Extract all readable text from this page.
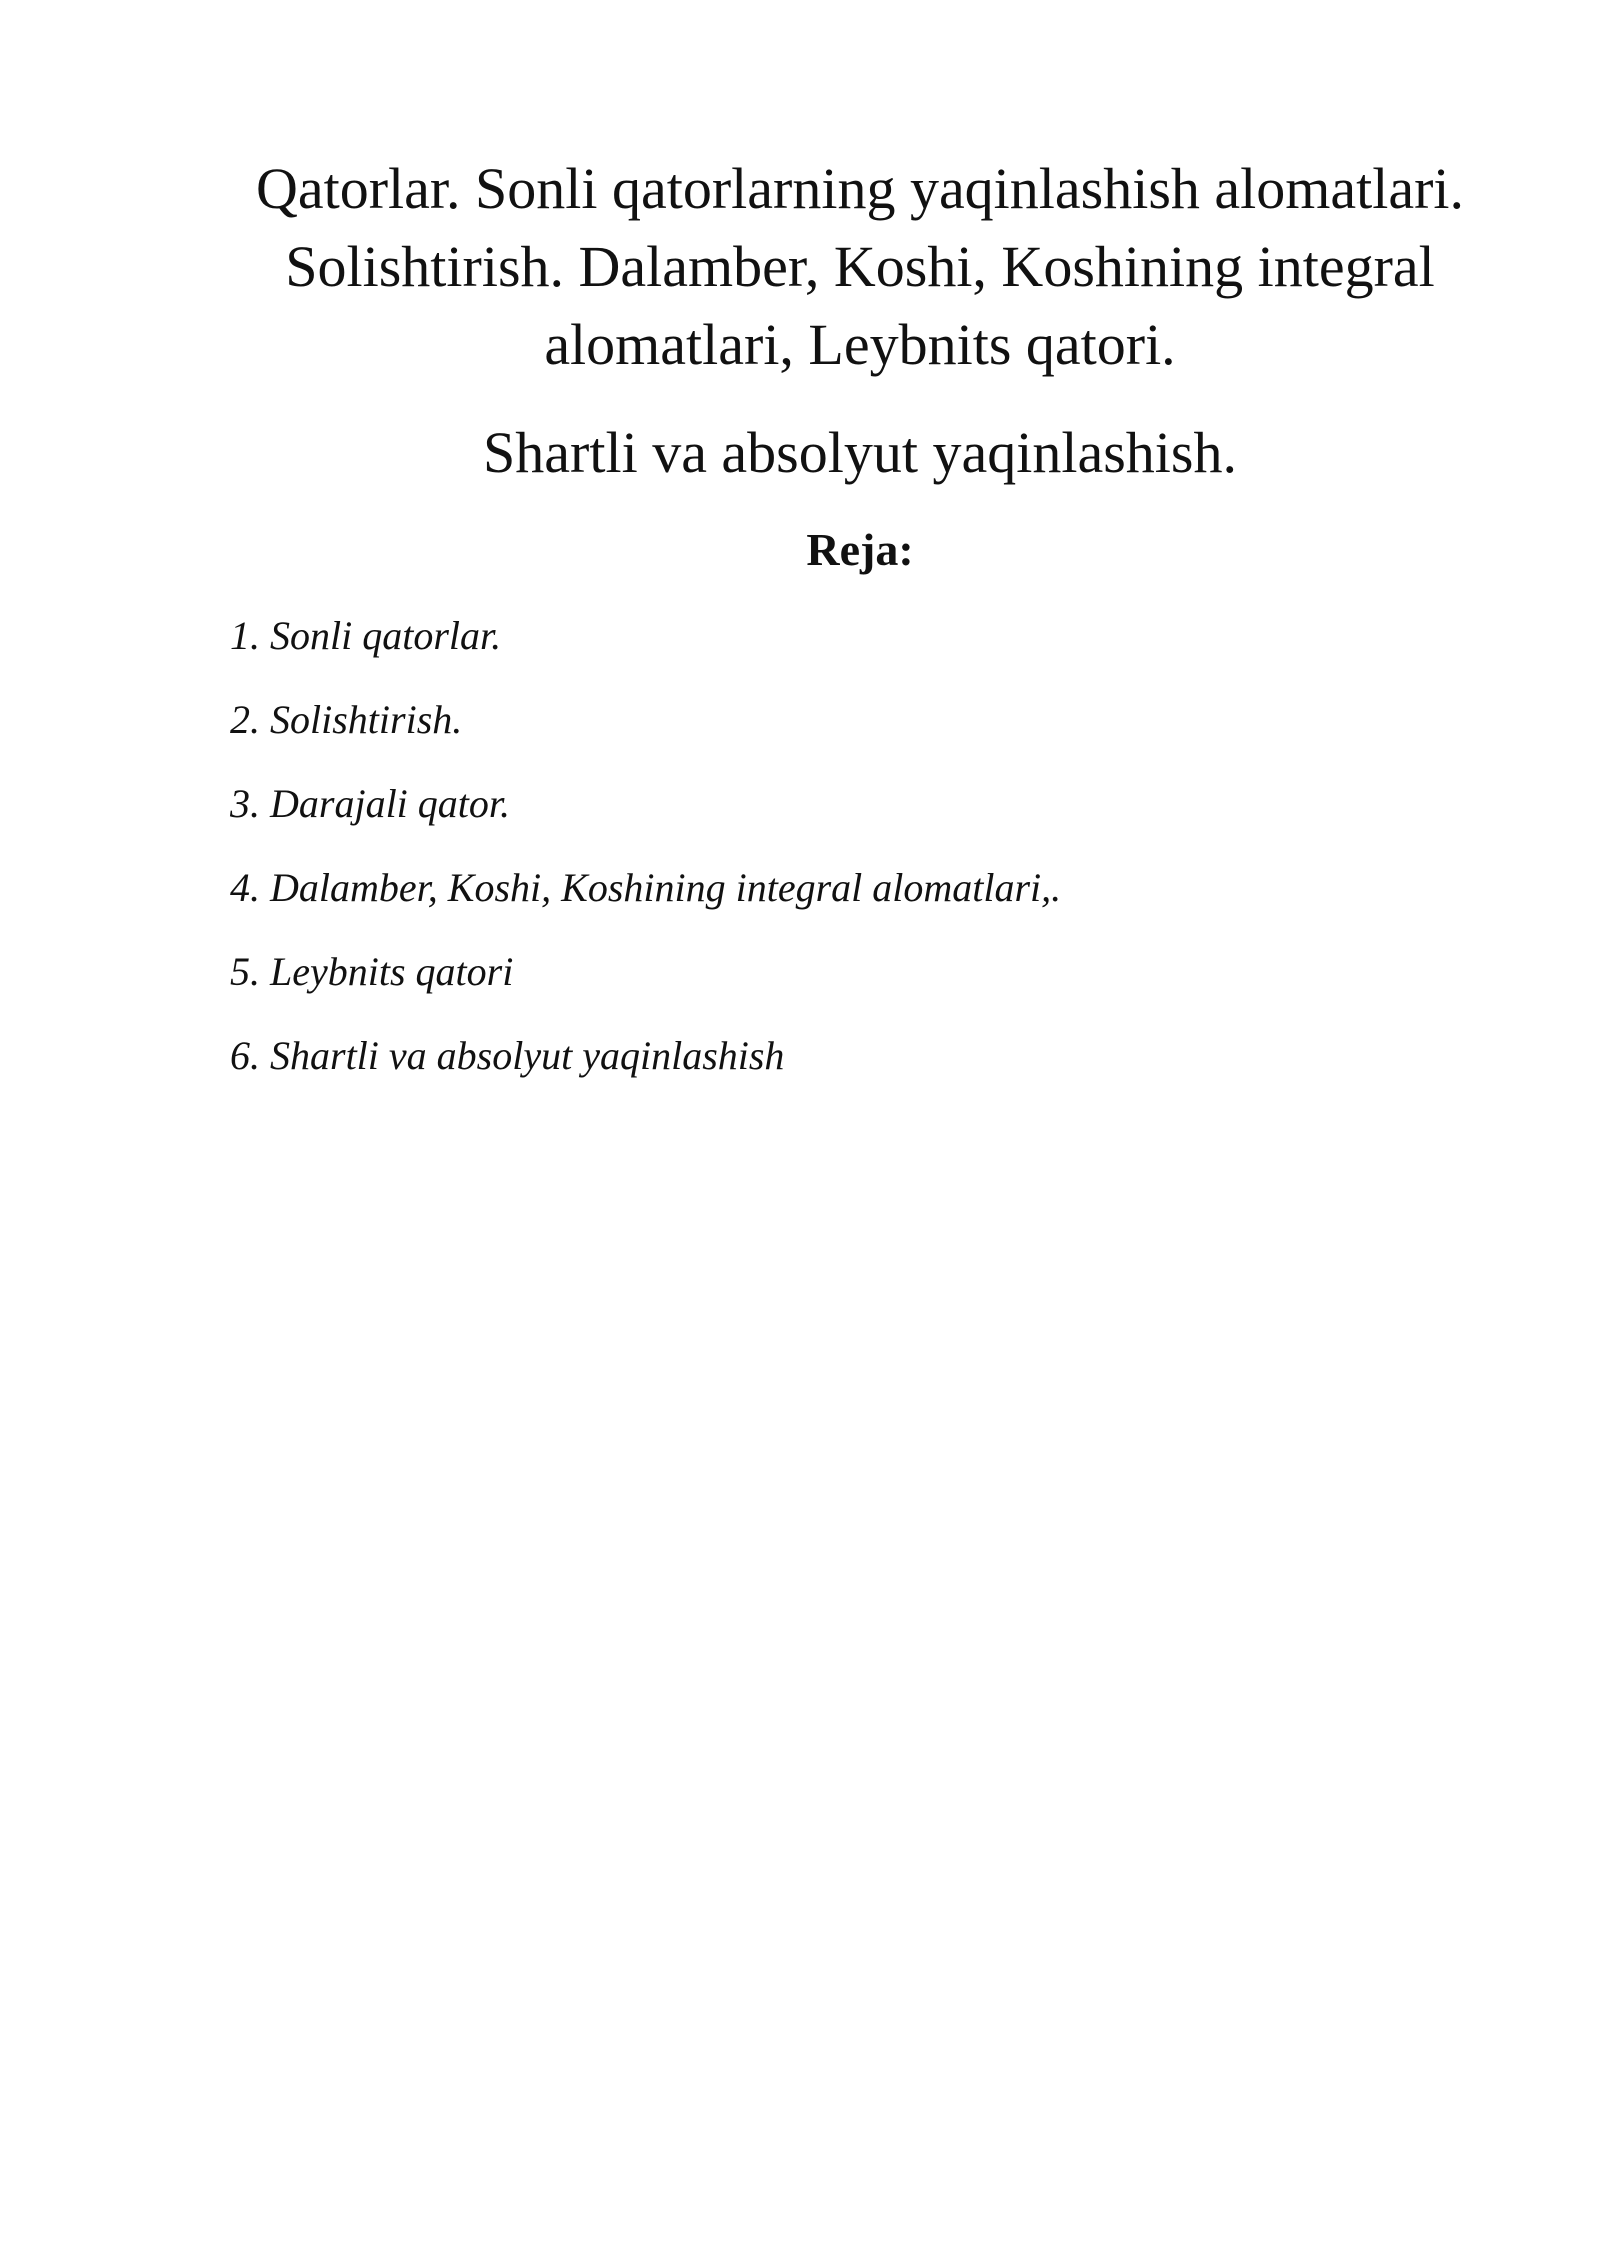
Qatorlar. Sonli qatorlarning yaqinlashish alomatlari.
Solishtirish. Dalamber, Koshi, Koshining integral
alomatlari, Leybnits qatori.
Shartli va absolyut yaqinlashish.
Reja:
1. Sonli qatorlar.
2. Solishtirish.
3. Darajali qator.
4. Dalamber, Koshi, Koshining integral alomatlari,.
5. Leybnits qatori
6. Shartli va absolyut yaqinlashish
